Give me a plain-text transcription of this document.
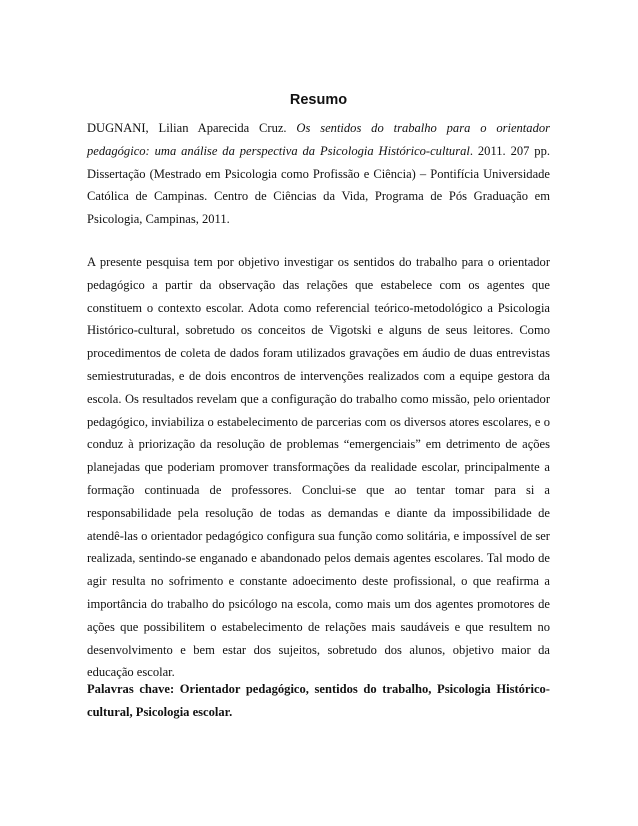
Resumo

DUGNANI, Lilian Aparecida Cruz. Os sentidos do trabalho para o orientador
pedagógico: uma análise da perspectiva da Psicologia Histórico-cultural. 2011. 207 pp.
Dissertação (Mestrado em Psicologia como Profissão e Ciência) – Pontifícia Universidade
Católica de Campinas. Centro de Ciências da Vida, Programa de Pós Graduação em
Psicologia, Campinas, 2011.

A presente pesquisa tem por objetivo investigar os sentidos do trabalho para o orientador
pedagógico a partir da observação das relações que estabelece com os agentes que
constituem o contexto escolar. Adota como referencial teórico-metodológico a Psicologia
Histórico-cultural, sobretudo os conceitos de Vigotski e alguns de seus leitores. Como
procedimentos de coleta de dados foram utilizados gravações em áudio de duas entrevistas
semiestruturadas, e de dois encontros de intervenções realizados com a equipe gestora da
escola. Os resultados revelam que a configuração do trabalho como missão, pelo orientador
pedagógico, inviabiliza o estabelecimento de parcerias com os diversos atores escolares, e o
conduz à priorização da resolução de problemas “emergenciais” em detrimento de ações
planejadas que poderiam promover transformações da realidade escolar, principalmente a
formação continuada de professores. Conclui-se que ao tentar tomar para si a
responsabilidade pela resolução de todas as demandas e diante da impossibilidade de
atendê-las o orientador pedagógico configura sua função como solitária, e impossível de ser
realizada, sentindo-se enganado e abandonado pelos demais agentes escolares. Tal modo de
agir resulta no sofrimento e constante adoecimento deste profissional, o que reafirma a
importância do trabalho do psicólogo na escola, como mais um dos agentes promotores de
ações que possibilitem o estabelecimento de relações mais saudáveis e que resultem no
desenvolvimento e bem estar dos sujeitos, sobretudo dos alunos, objetivo maior da
educação escolar.

Palavras chave: Orientador pedagógico, sentidos do trabalho, Psicologia Histórico-
cultural, Psicologia escolar.
